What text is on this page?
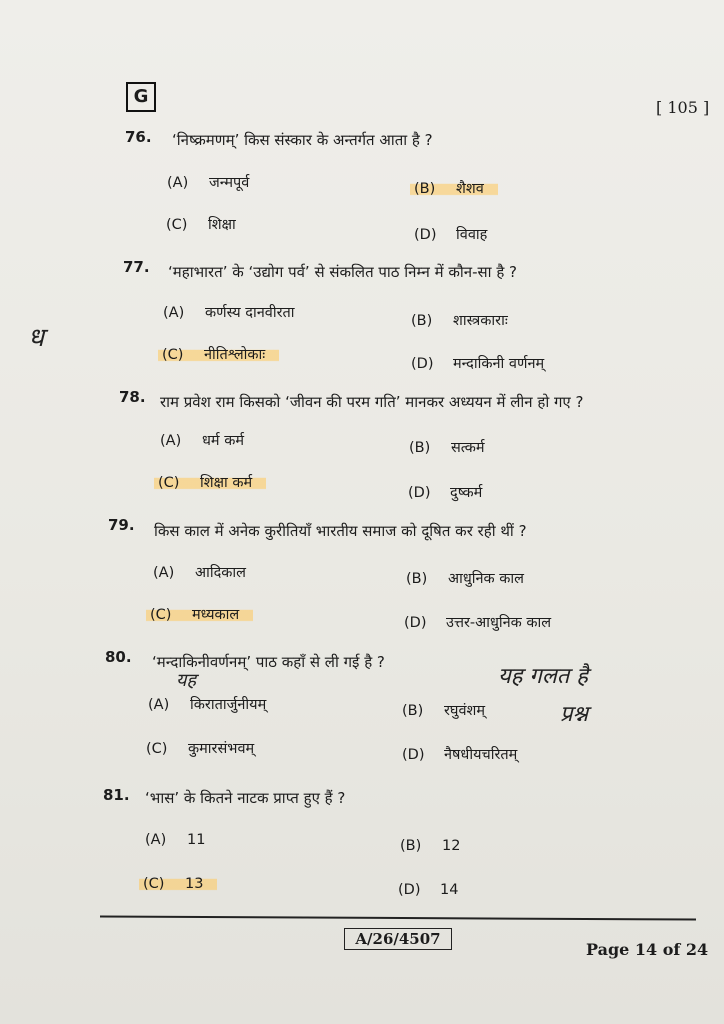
G
[ 105 ]
76. ‘निष्क्रमणम्’ किस संस्कार के अन्तर्गत आता है ?
(A) जन्मपूर्व	(B) शैशव
(C) शिक्षा
(D) विवाह
77. ‘महाभारत’ के ‘उद्योग पर्व’ से संकलित पाठ निम्न में कौन-सा है ?
(A) कर्णस्य दानवीरता	(B) शास्त्रकाराः
(C) नीतिश्लोकाः
(D) मन्दाकिनी वर्णनम्
78. राम प्रवेश राम किसको ‘जीवन की परम गति’ मानकर अध्ययन में लीन हो गए ?
(A) धर्म कर्म	(B) सत्कर्म
(C) शिक्षा कर्म
(D) दुष्कर्म
79. किस काल में अनेक कुरीतियाँ भारतीय समाज को दूषित कर रही थीं ?
(A) आदिकाल	(B) आधुनिक काल
(C) मध्यकाल	(D) उत्तर-आधुनिक काल
80. ‘मन्दाकिनीवर्णनम्’ पाठ कहाँ से ली गई है ?
(A) किरातार्जुनीयम्	(B) रघुवंशम्
(C) कुमारसंभवम्	(D) नैषधीयचरितम्
81. ‘भास’ के कितने नाटक प्राप्त हुए हैं ?
(A) 11	(B) 12
(C) 13	(D) 14
ध
यह	यह गलत है
प्रश्न
A/26/4507
Page 14 of 24
